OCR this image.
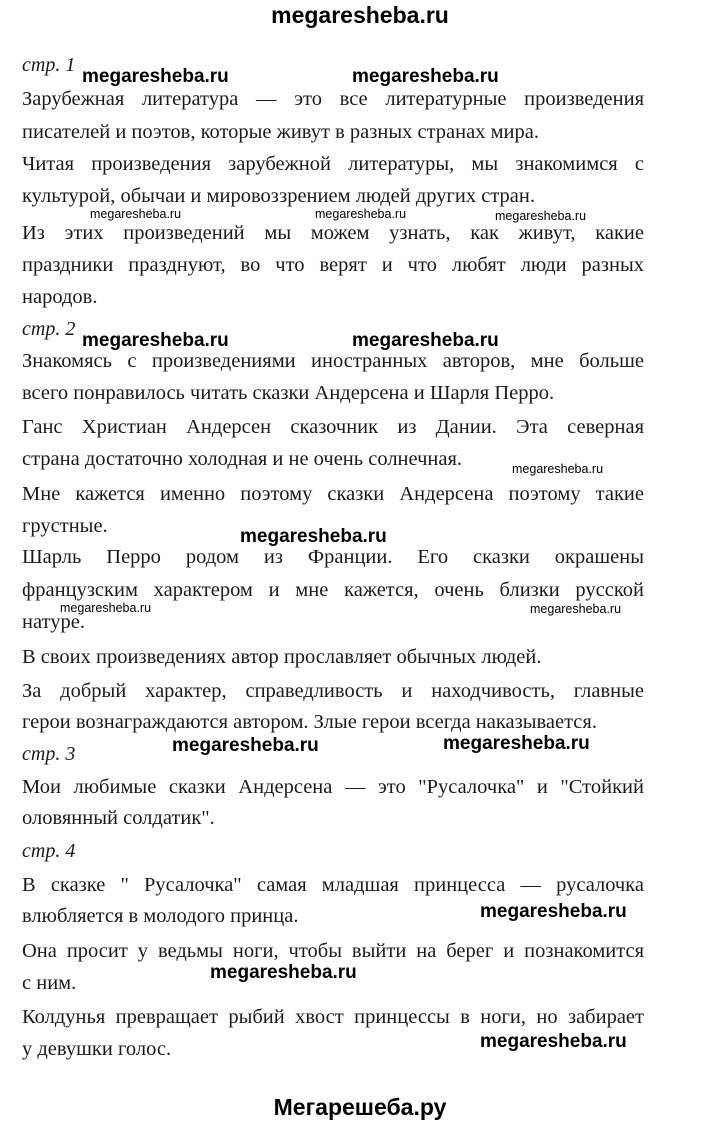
megaresheba.ru
стр. 1
Зарубежная литература — это все литературные произведения
писателей и поэтов, которые живут в разных странах мира.
Читая произведения зарубежной литературы, мы знакомимся с
культурой, обычаи и мировоззрением людей других стран.
Из этих произведений мы можем узнать, как живут, какие
праздники празднуют, во что верят и что любят люди разных
народов.
стр. 2
Знакомясь с произведениями иностранных авторов, мне больше
всего понравилось читать сказки Андерсена и Шарля Перро.
Ганс Христиан Андерсен сказочник из Дании. Эта северная
страна достаточно холодная и не очень солнечная.
Мне кажется именно поэтому сказки Андерсена поэтому такие
грустные.
Шарль Перро родом из Франции. Его сказки окрашены
французским характером и мне кажется, очень близки русской
натуре.
В своих произведениях автор прославляет обычных людей.
За добрый характер, справедливость и находчивость, главные
герои вознаграждаются автором. Злые герои всегда наказывается.
стр. 3
Мои любимые сказки Андерсена — это "Русалочка" и "Стойкий
оловянный солдатик".
стр. 4
В сказке " Русалочка" самая младшая принцесса — русалочка
влюбляется в молодого принца.
Она просит у ведьмы ноги, чтобы выйти на берег и познакомится
с ним.
Колдунья превращает рыбий хвост принцессы в ноги, но забирает
у девушки голос.
megaresheba.ru	megaresheba.ru
megaresheba.ru	megaresheba.ru
megaresheba.ru
megaresheba.ru	megaresheba.ru
megaresheba.ru
megaresheba.ru
megaresheba.ru
megaresheba.ru	megaresheba.ru	megaresheba.ru
megaresheba.ru
megaresheba.ru	megaresheba.ru
Мегарешеба.ру
